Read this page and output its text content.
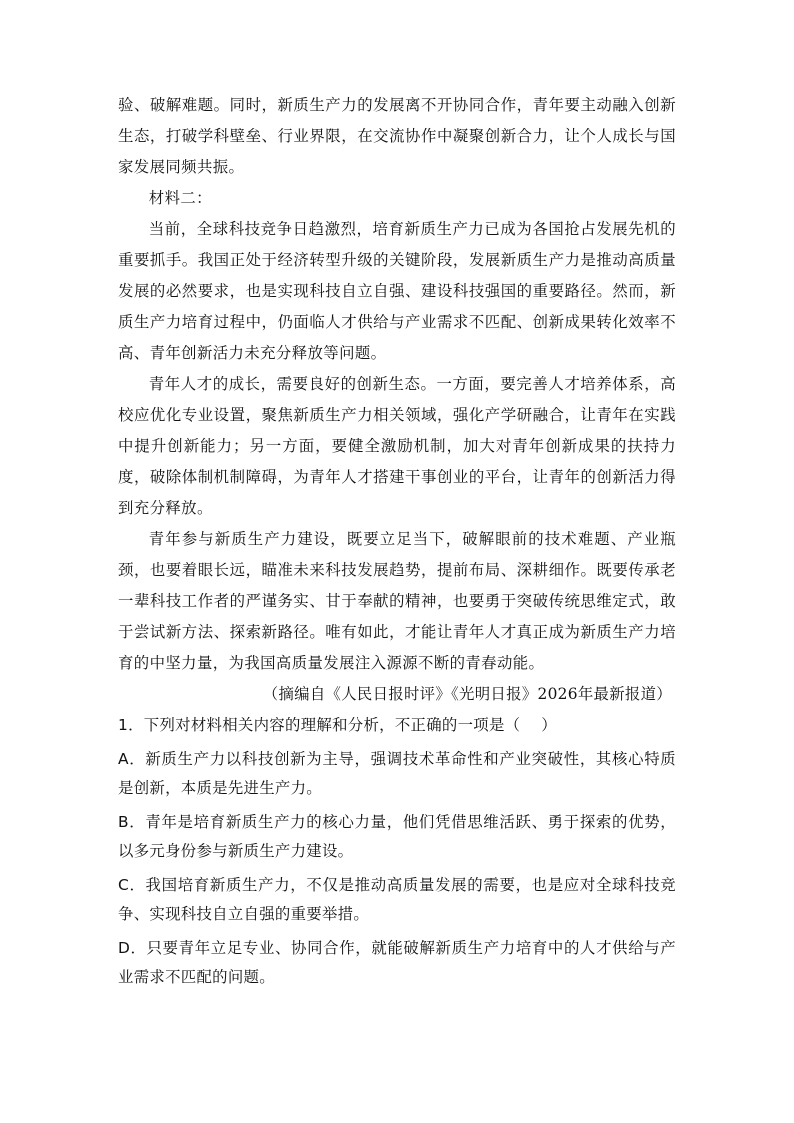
验、破解难题。同时，新质生产力的发展离不开协同合作，青年要主动融入创新生态，打破学科壁垒、行业界限，在交流协作中凝聚创新合力，让个人成长与国家发展同频共振。

材料二：

当前，全球科技竞争日趋激烈，培育新质生产力已成为各国抢占发展先机的重要抓手。我国正处于经济转型升级的关键阶段，发展新质生产力是推动高质量发展的必然要求，也是实现科技自立自强、建设科技强国的重要路径。然而，新质生产力培育过程中，仍面临人才供给与产业需求不匹配、创新成果转化效率不高、青年创新活力未充分释放等问题。

青年人才的成长，需要良好的创新生态。一方面，要完善人才培养体系，高校应优化专业设置，聚焦新质生产力相关领域，强化产学研融合，让青年在实践中提升创新能力；另一方面，要健全激励机制，加大对青年创新成果的扶持力度，破除体制机制障碍，为青年人才搭建干事创业的平台，让青年的创新活力得到充分释放。

青年参与新质生产力建设，既要立足当下，破解眼前的技术难题、产业瓶颈，也要着眼长远，瞄准未来科技发展趋势，提前布局、深耕细作。既要传承老一辈科技工作者的严谨务实、甘于奉献的精神，也要勇于突破传统思维定式，敢于尝试新方法、探索新路径。唯有如此，才能让青年人才真正成为新质生产力培育的中坚力量，为我国高质量发展注入源源不断的青春动能。

（摘编自《人民日报时评》《光明日报》2026年最新报道）

1．下列对材料相关内容的理解和分析，不正确的一项是（　 ）

A．新质生产力以科技创新为主导，强调技术革命性和产业突破性，其核心特质是创新，本质是先进生产力。

B．青年是培育新质生产力的核心力量，他们凭借思维活跃、勇于探索的优势，以多元身份参与新质生产力建设。

C．我国培育新质生产力，不仅是推动高质量发展的需要，也是应对全球科技竞争、实现科技自立自强的重要举措。

D．只要青年立足专业、协同合作，就能破解新质生产力培育中的人才供给与产业需求不匹配的问题。
